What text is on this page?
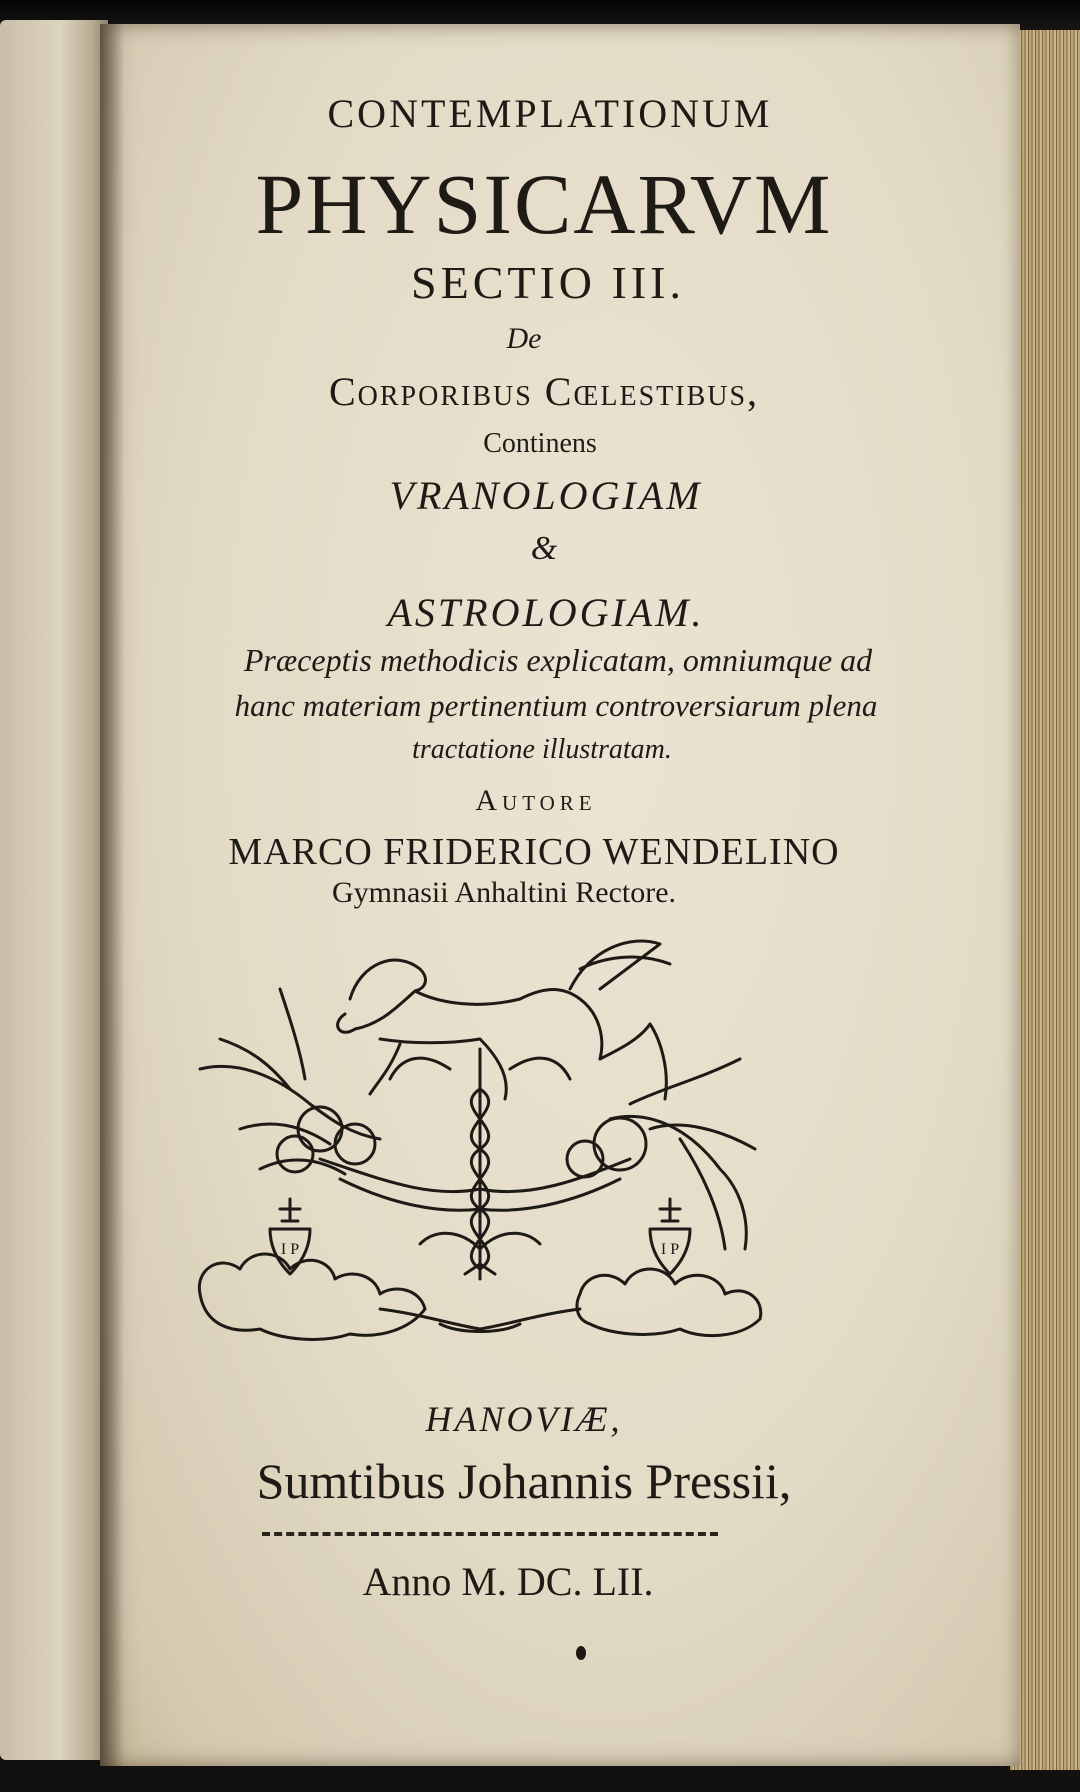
CONTEMPLATIONUM
PHYSICARVM
SECTIO III.
De
Corporibus Cœlestibus,
Continens
VRANOLOGIAM
&
ASTROLOGIAM.
Præceptis methodicis explicatam, omniumque ad
hanc materiam pertinentium controversiarum plena
tractatione illustratam.
Autore
MARCO FRIDERICO WENDELINO
Gymnasii Anhaltini Rectore.
I P	I P
HANOVIÆ,
Sumtibus Johannis Pressii,
Anno M. DC. LII.
